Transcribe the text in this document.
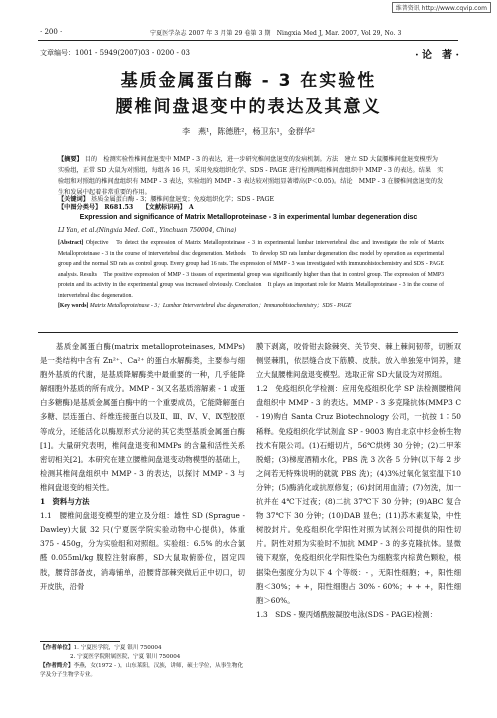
维普资讯 http://www.cqvip.com
· 200 ·	宁夏医学杂志 2007 年 3 月第 29 卷第 3 期　Ningxia Med J, Mar. 2007, Vol 29, No. 3
文章编号：1001 - 5949(2007)03 - 0200 - 03	· 论　著 ·
基质金属蛋白酶 - 3 在实验性
腰椎间盘退变中的表达及其意义
李　燕¹，陈德胜²，杨卫东¹，金群华²
【摘要】 目的　检测实验性椎间盘退变中 MMP - 3 的表达，进一步研究椎间盘退变的发病机制。方法　建立 SD 大鼠腰椎间盘退变模型为实验组，正常 SD 大鼠为对照组，每组各 16 只，采用免疫组织化学、SDS - PAGE 进行检测两组椎间盘组织中 MMP - 3 的表达。结果　实验组和对照组的椎间盘组织有 MMP - 3 表达，实验组的 MMP - 3 表达较对照组显著增高(P＜0.05)。结论　MMP - 3 在腰椎间盘退变的发生和发展中起着非常重要的作用。
【关键词】 基质金属蛋白酶 - 3；腰椎间盘退变；免疫组织化学；SDS - PAGE
Expression and significance of Matrix Metalloproteinase - 3 in experimental lumbar degeneration disc
LI Yan, et al.(Ningxia Med. Coll., Yinchuan 750004, China)
[Abstract] Objective　To detect the expression of Matrix Metalloproteinase - 3 in experimental lumbar intervertebral disc and investigate the role of Matrix Metalloproteinase - 3 in the course of intervertebral disc degeneration. Methods　To develop SD rats lumbar degeneration disc model by operation as experimental group and the normal SD rats as control group. Every group had 16 rats. The expression of MMP - 3 was investigated with immunohistochemistry and SDS - PAGE analysis. Results　The positive expression of MMP - 3 tissues of experimental group was significantly higher than that in control group. The expression of MMP3 protein and its activity in the experimental group was increased obviously. Conclusion　It plays an important role for Matrix Metalloproteinase - 3 in the course of intervertebral disc degeneration.
[Key words] Matrix Metalloproteinase - 3；Lumbar Intervertebral disc degeneration；Immunohistochemistry；SDS - PAGE
【中图分类号】　R681.53　　【文献标识码】　A
　　基质金属蛋白酶(matrix metalloproteinases, MMPs)是一类结构中含有 Zn²⁺、Ca²⁺ 的蛋白水解酶类，主要参与细胞外基质的代谢，是基质降解酶类中最重要的一种，几乎能降解细胞外基质的所有成分。MMP - 3(又名基质溶解素 - 1 或蛋白多糖酶)是基质金属蛋白酶中的一个重要成员，它能降解蛋白多糖、层连蛋白、纤维连接蛋白以及Ⅱ、Ⅲ、Ⅳ、Ⅴ、Ⅸ型胶原等成分，还能活化以酶原形式分泌的其它类型基质金属蛋白酶[1]。大量研究表明，椎间盘退变和MMPs 的含量和活性关系密切相关[2]。本研究在建立腰椎间盘退变动物模型的基础上，检测其椎间盘组织中 MMP - 3 的表达，以探讨 MMP - 3 与椎间盘退变的相关性。
1　资料与方法
1.1　腰椎间盘退变模型的建立及分组：雄性 SD (Sprague - Dawley)大鼠 32 只(宁夏医学院实验动物中心提供)，体重 375 - 450g，分为实验组和对照组。实验组：6.5% 的水合氯醛 0.055ml/kg 腹腔注射麻醉，SD大鼠取俯卧位，固定四肢，腰背部备皮，消毒铺单，沿腰背部棘突做后正中切口，切开皮肤，沿骨
膜下剥离，咬骨钳去除棘突、关节突、棘上棘间韧带，切断双侧竖棘肌，依层缝合皮下筋膜、皮肤。放入单独笼中饲养，建立大鼠腰椎间盘退变模型。选取正常 SD大鼠设为对照组。
1.2　免疫组织化学检测：应用免疫组织化学 SP 法检测腰椎间盘组织中 MMP - 3 的表达。MMP - 3 多克隆抗体(MMP3 C - 19)购自 Santa Cruz Biotechnology 公司，一抗按 1∶50 稀释。免疫组织化学试剂盒 SP - 9003 购自北京中杉金桥生物技术有限公司。(1)石蜡切片，56℃烘烤 30 分钟；(2)二甲苯脱蜡；(3)梯度酒精水化，PBS 洗 3 次各 5 分钟(以下每 2 步之间若无特殊说明的就就 PBS 洗)；(4)3%过氧化氢室温下10 分钟；(5)酶消化或抗原修复；(6)封闭用血清；(7)勿洗，加一抗并在 4℃下过夜；(8)二抗 37℃下 30 分钟；(9)ABC 复合物 37℃下 30 分钟；(10)DAB 显色；(11)苏木素复染，中性树胶封片。免疫组织化学阳性对照为试剂公司提供的阳性切片。阴性对照为实验时不加抗 MMP - 3 的多克隆抗体。显微镜下观察，免疫组织化学阳性染色为细胞浆内棕黄色颗粒，根据染色强度分为以下 4 个等级：- ，无阳性细胞；+，阳性细胞＜30%；+ +，阳性细胞占 30% - 60%；+ + +，阳性细胞＞60%。
1.3　SDS - 聚丙烯酰胺凝胶电泳(SDS - PAGE)检测：
【作者单位】1. 宁夏医学院，宁夏 银川 750004
2. 宁夏医学院附属医院，宁夏 银川 750004
【作者简介】李燕，女(1972 - )，山东莱阳，汉族，讲师，硕士学位，从事生物化学及分子生物学专业。
